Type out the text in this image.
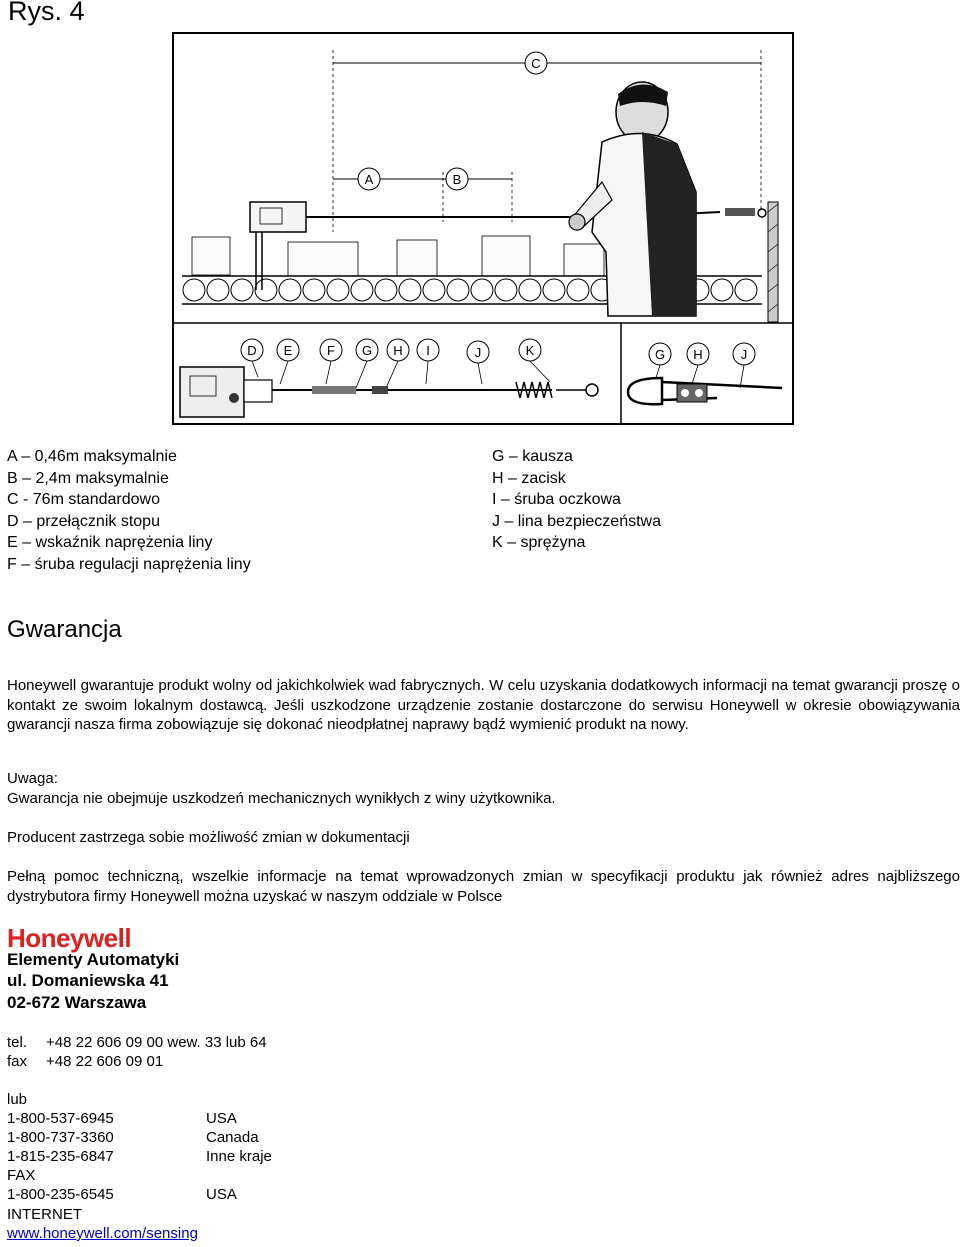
Rys. 4
C
A	B
D E	F G H I	J	K	G H	J
A – 0,46m maksymalnie
B – 2,4m maksymalnie
C - 76m standardowo
D – przełącznik stopu
E – wskaźnik naprężenia liny
F – śruba regulacji naprężenia liny
G – kausza
H – zacisk
I – śruba oczkowa
J – lina bezpieczeństwa
K – sprężyna
Gwarancja
Honeywell gwarantuje produkt wolny od jakichkolwiek wad fabrycznych. W celu uzyskania dodatkowych informacji na temat gwarancji proszę o kontakt ze swoim lokalnym dostawcą. Jeśli uszkodzone urządzenie zostanie dostarczone do serwisu Honeywell w okresie obowiązywania gwarancji nasza firma zobowiązuje się dokonać nieodpłatnej naprawy bądź wymienić produkt na nowy.
Uwaga:
Gwarancja nie obejmuje uszkodzeń mechanicznych wynikłych z winy użytkownika.
Producent zastrzega sobie możliwość zmian w dokumentacji
Pełną pomoc techniczną, wszelkie informacje na temat wprowadzonych zmian w specyfikacji produktu jak również adres najbliższego dystrybutora firmy Honeywell można uzyskać w naszym oddziale w Polsce
Honeywell
Elementy Automatyki
ul. Domaniewska 41
02-672 Warszawa
tel. +48 22 606 09 00 wew. 33 lub 64
fax +48 22 606 09 01
lub
1-800-537-6945	USA
1-800-737-3360	Canada
1-815-235-6847	Inne kraje
FAX
1-800-235-6545	USA
INTERNET
www.honeywell.com/sensing
